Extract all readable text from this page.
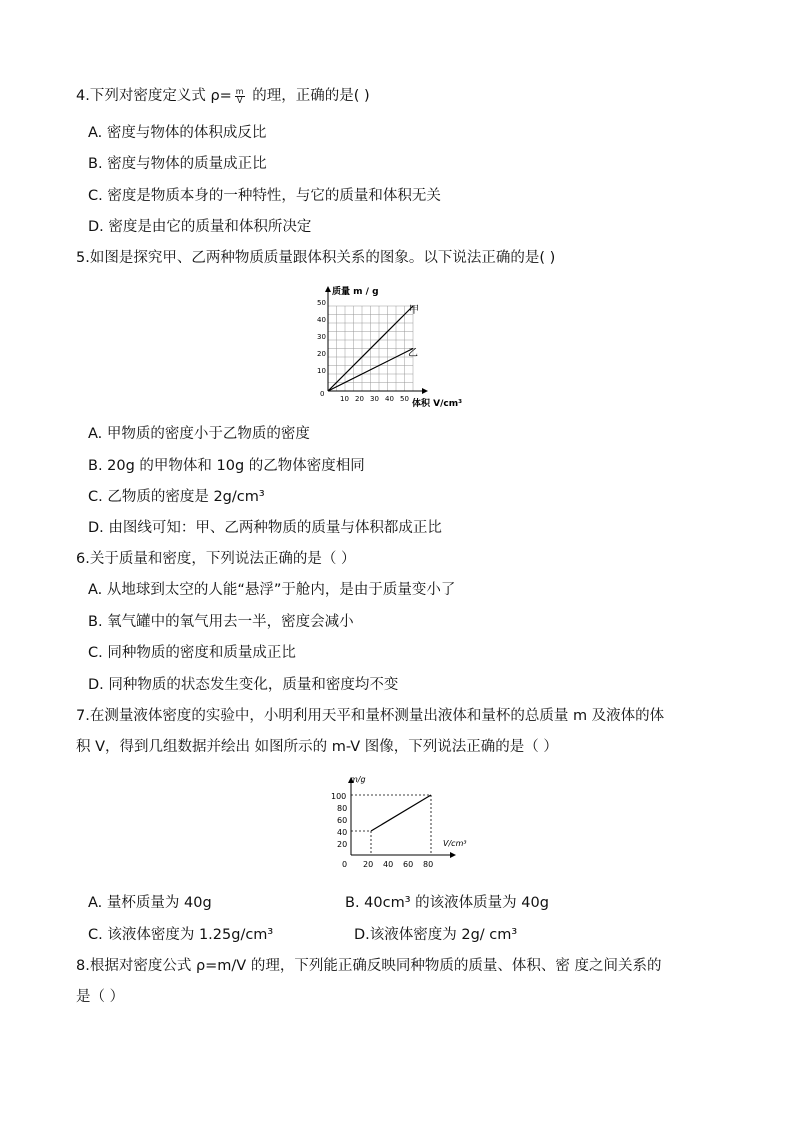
4.下列对密度定义式 $\rho= \frac{m}{V}$ 的理，正确的是( )
A. 密度与物体的体积成反比
B. 密度与物体的质量成正比
C. 密度是物质本身的一种特性，与它的质量和体积无关
D. 密度是由它的质量和体积所决定
5.如图是探究甲、乙两种物质质量跟体积关系的图象。以下说法正确的是( )
质量 m / g
体积 V/cm³
0
10
20
30
40
50
10 20 30 40 50
甲
乙
A. 甲物质的密度小于乙物质的密度
B. 20g 的甲物体和 10g 的乙物体密度相同
C. 乙物质的密度是 2g/cm³
D. 由图线可知：甲、乙两种物质的质量与体积都成正比
6.关于质量和密度，下列说法正确的是（ ）
A. 从地球到太空的人能“悬浮”于舱内，是由于质量变小了
B. 氧气罐中的氧气用去一半，密度会减小
C. 同种物质的密度和质量成正比
D. 同种物质的状态发生变化，质量和密度均不变
7.在测量液体密度的实验中，小明利用天平和量杯测量出液体和量杯的总质量 m 及液体的体
积 V，得到几组数据并绘出 如图所示的 m-V 图像，下列说法正确的是（ ）
m/g
V/cm³
0
20
40
60
80
100
20 40 60 80
A. 量杯质量为 40g	B. 40cm³ 的该液体质量为 40g
C. 该液体密度为 1.25g/cm³	D.该液体密度为 2g/ cm³
8.根据对密度公式 ρ=m/V 的理，下列能正确反映同种物质的质量、体积、密 度之间关系的
是（ ）
